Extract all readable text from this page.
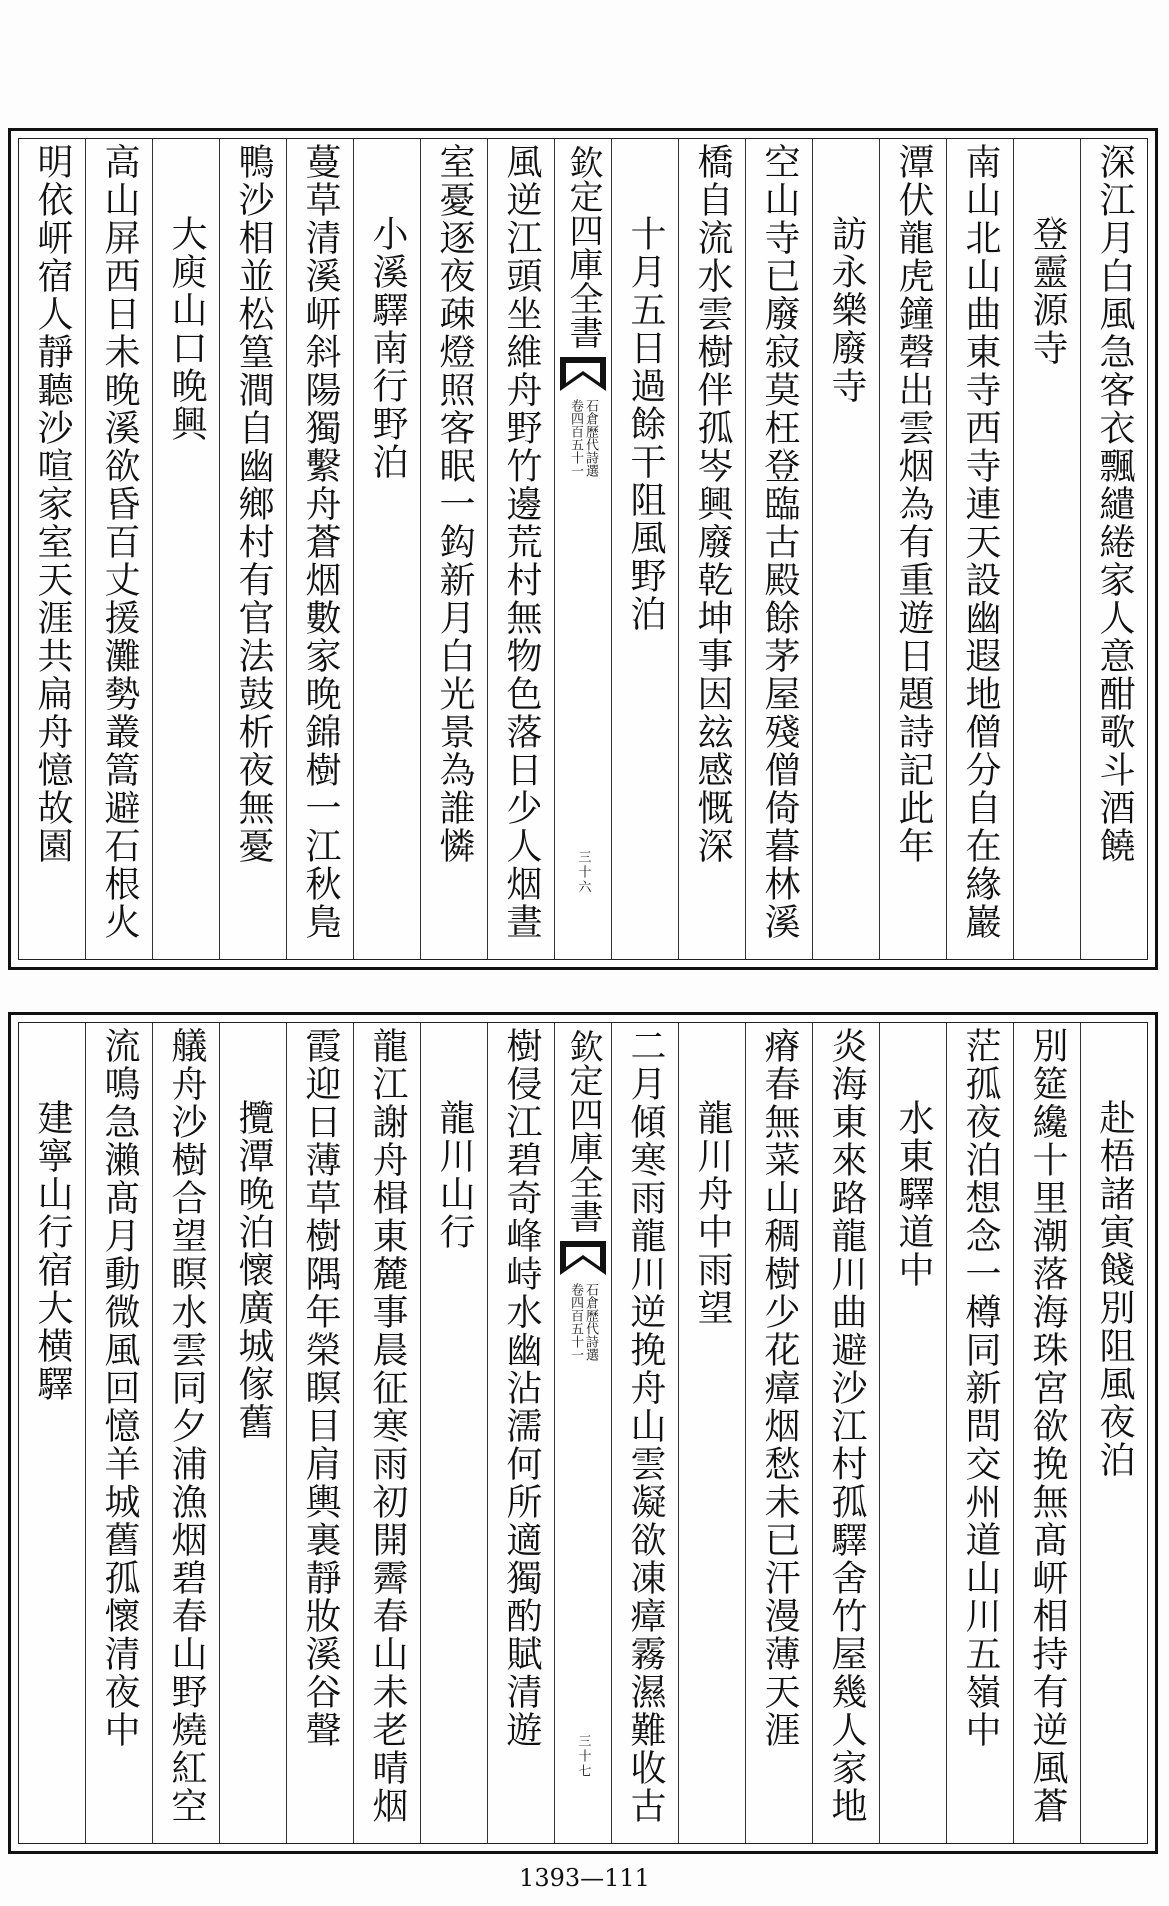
深江月白風急客衣飄繾綣家人意酣歌斗酒饒
登靈源寺
南山北山曲東寺西寺連天設幽遐地僧分自在緣巖
潭伏龍虎鐘磬出雲烟為有重遊日題詩記此年
訪永樂廢寺
空山寺已廢寂莫枉登臨古殿餘茅屋殘僧倚暮林溪
橋自流水雲樹伴孤岑興廢乾坤事因玆感慨深
十月五日過餘干阻風野泊
欽定四庫全書
石倉歷代詩選
卷四百五十一
三十六
風逆江頭坐維舟野竹邊荒村無物色落日少人烟晝
室憂逐夜疎燈照客眠一鈎新月白光景為誰憐
小溪驛南行野泊
蔓草清溪岍斜陽獨繫舟蒼烟數家晚錦樹一江秋鳬
鴨沙相並松篁澗自幽鄉村有官法鼓析夜無憂
大庾山口晚興
高山屏西日未晚溪欲昏百丈援灘勢叢篙避石根火
明依岍宿人靜聽沙喧家室天涯共扁舟憶故園
赴梧諸寅餞別阻風夜泊
別筵纔十里潮落海珠宮欲挽無髙岍相持有逆風蒼
茫孤夜泊想念一樽同新問交州道山川五嶺中
水東驛道中
炎海東來路龍川曲避沙江村孤驛舍竹屋幾人家地
瘠春無菜山稠樹少花瘴烟愁未已汗漫薄天涯
龍川舟中雨望
二月傾寒雨龍川逆挽舟山雲凝欲凍瘴霧濕難收古
欽定四庫全書
石倉歷代詩選
卷四百五十一
三十七
樹侵江碧奇峰峙水幽沾濡何所適獨酌賦清遊
龍川山行
龍江謝舟楫東麓事晨征寒雨初開霽春山未老晴烟
霞迎日薄草樹隅年榮瞑目肩輿裏靜妝溪谷聲
攬潭晚泊懷廣城傢舊
艤舟沙樹合望瞑水雲同夕浦漁烟碧春山野燒紅空
流鳴急瀨髙月動微風回憶羊城舊孤懷清夜中
建寧山行宿大横驛
1393—111
